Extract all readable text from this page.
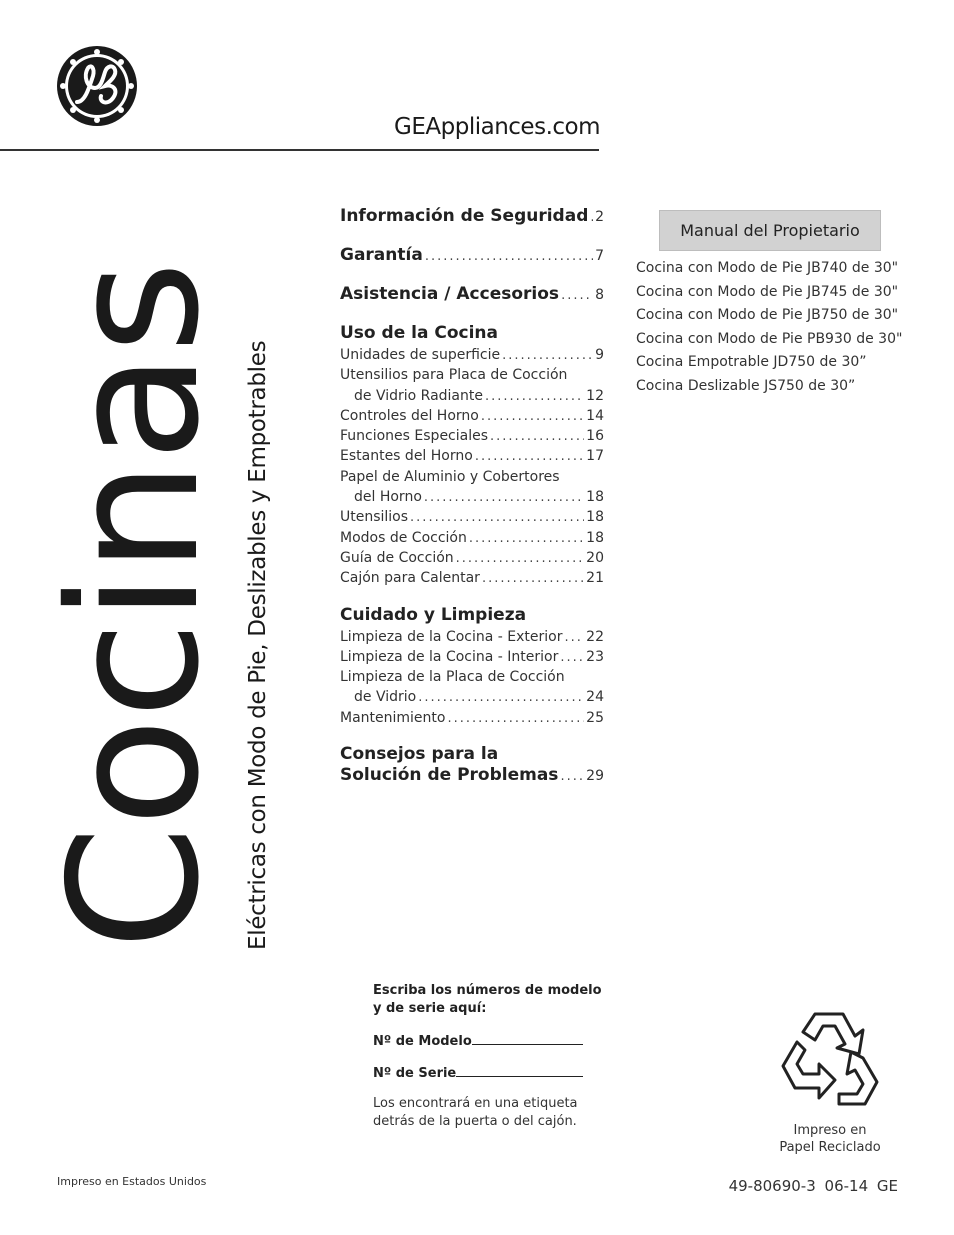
GEAppliances.com
Cocinas Eléctricas con Modo de Pie, Deslizables y Empotrables
Información de Seguridad ..... 2
Garantía .....	7
Asistencia / Accesorios .....	8
Uso de la Cocina
Unidades de superficie .....	9
Utensilios para Placa de Cocción
de Vidrio Radiante .....	12
Controles del Horno .....	14
Funciones Especiales .....	16
Estantes del Horno .....	17
Papel de Aluminio y Cobertores
del Horno .....	18
Utensilios .....	18
Modos de Cocción .....	18
Guía de Cocción .....	20
Cajón para Calentar .....	21
Cuidado y Limpieza
Limpieza de la Cocina - Exterior ..... 22
Limpieza de la Cocina - Interior ..... 23
Limpieza de la Placa de Cocción
de Vidrio .....	24
Mantenimiento .....	25
Consejos para la
Solución de Problemas ..... 29
Manual del Propietario
Cocina con Modo de Pie JB740 de 30"
Cocina con Modo de Pie JB745 de 30"
Cocina con Modo de Pie JB750 de 30"
Cocina con Modo de Pie PB930 de 30"
Cocina Empotrable JD750 de 30”
Cocina Deslizable JS750 de 30”
Escriba los números de modelo y de serie aquí:
Nº de Modelo
Nº de Serie
Los encontrará en una etiqueta detrás de la puerta o del cajón.
Impreso en
Papel Reciclado
Impreso en Estados Unidos	49-80690-3 06-14 GE
